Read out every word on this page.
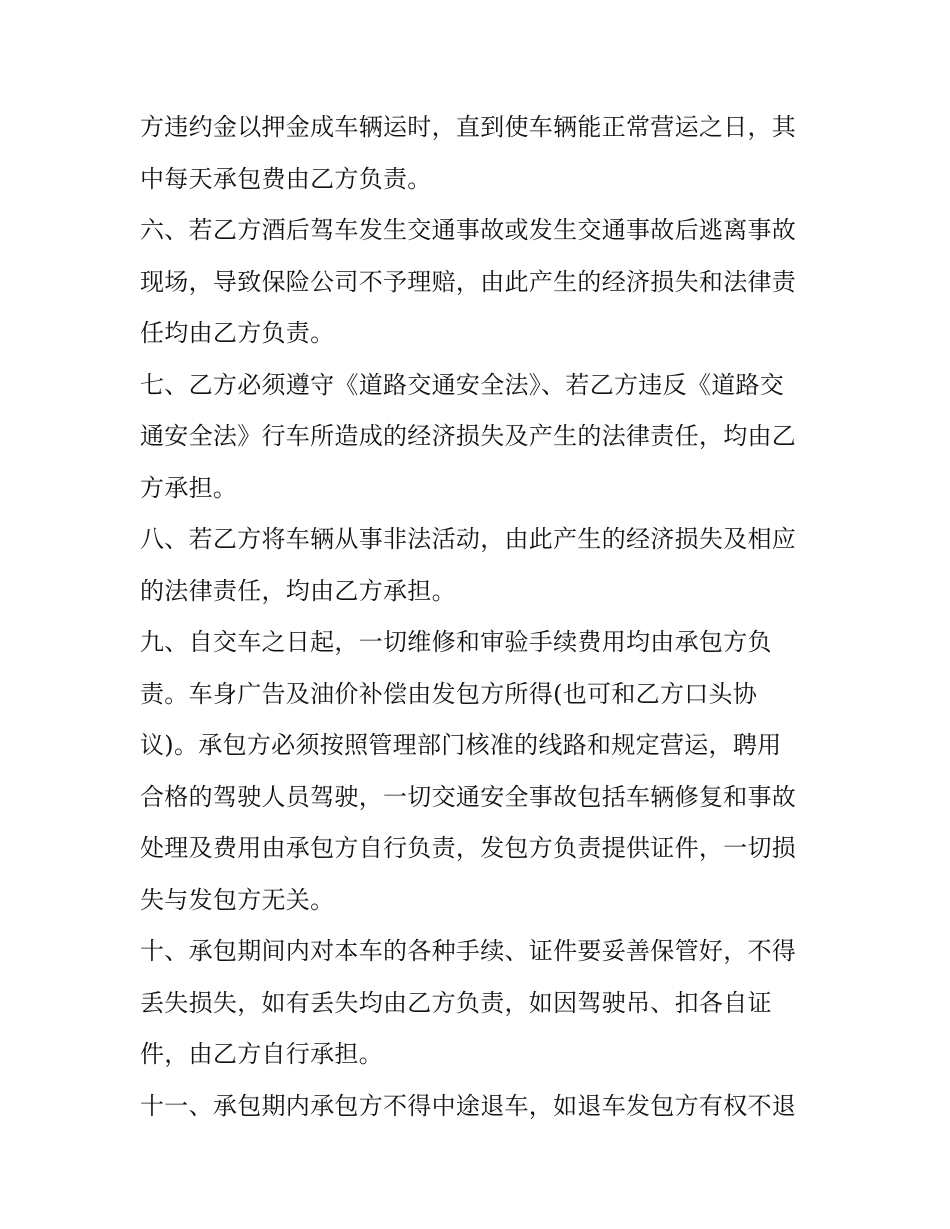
方违约金以押金成车辆运时，直到使车辆能正常营运之日，其
中每天承包费由乙方负责。
六、若乙方酒后驾车发生交通事故或发生交通事故后逃离事故
现场，导致保险公司不予理赔，由此产生的经济损失和法律责
任均由乙方负责。
七、乙方必须遵守《道路交通安全法》、若乙方违反《道路交
通安全法》行车所造成的经济损失及产生的法律责任，均由乙
方承担。
八、若乙方将车辆从事非法活动，由此产生的经济损失及相应
的法律责任，均由乙方承担。
九、自交车之日起，一切维修和审验手续费用均由承包方负
责。车身广告及油价补偿由发包方所得(也可和乙方口头协
议)。承包方必须按照管理部门核准的线路和规定营运，聘用
合格的驾驶人员驾驶，一切交通安全事故包括车辆修复和事故
处理及费用由承包方自行负责，发包方负责提供证件，一切损
失与发包方无关。
十、承包期间内对本车的各种手续、证件要妥善保管好，不得
丢失损失，如有丢失均由乙方负责，如因驾驶吊、扣各自证
件，由乙方自行承担。
十一、承包期内承包方不得中途退车，如退车发包方有权不退
